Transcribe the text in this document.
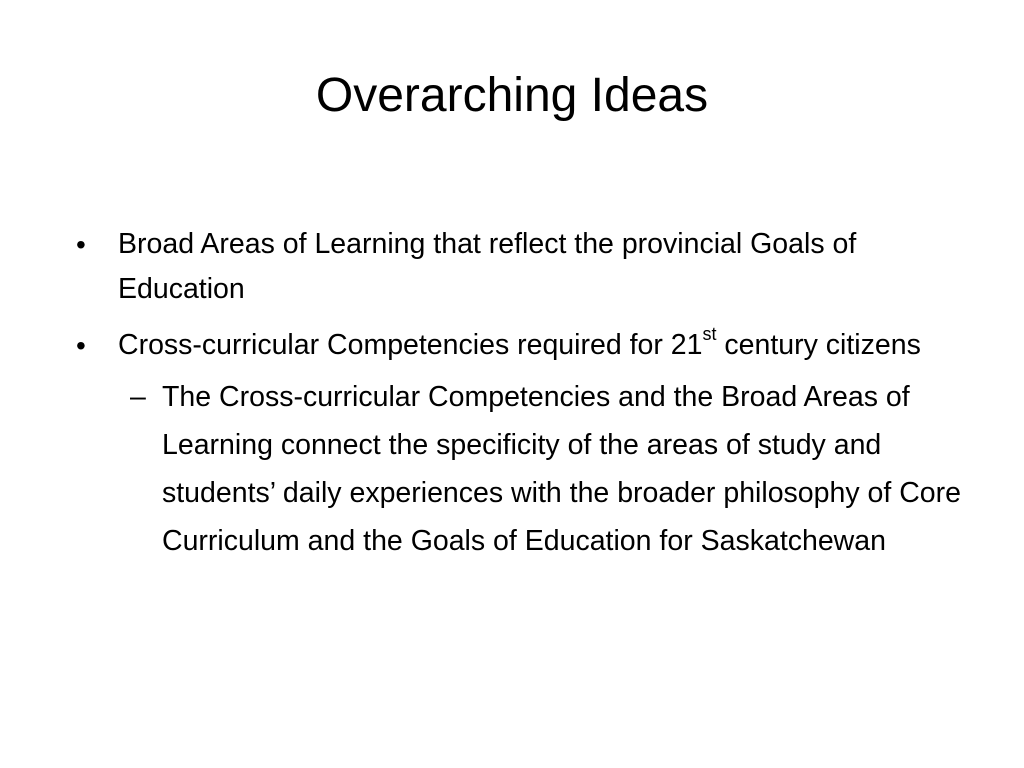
Overarching Ideas
• Broad Areas of Learning that reflect the provincial Goals of Education
• Cross-curricular Competencies required for 21st century citizens
– The Cross-curricular Competencies and the Broad Areas of Learning connect the specificity of the areas of study and students’ daily experiences with the broader philosophy of Core Curriculum and the Goals of Education for Saskatchewan
